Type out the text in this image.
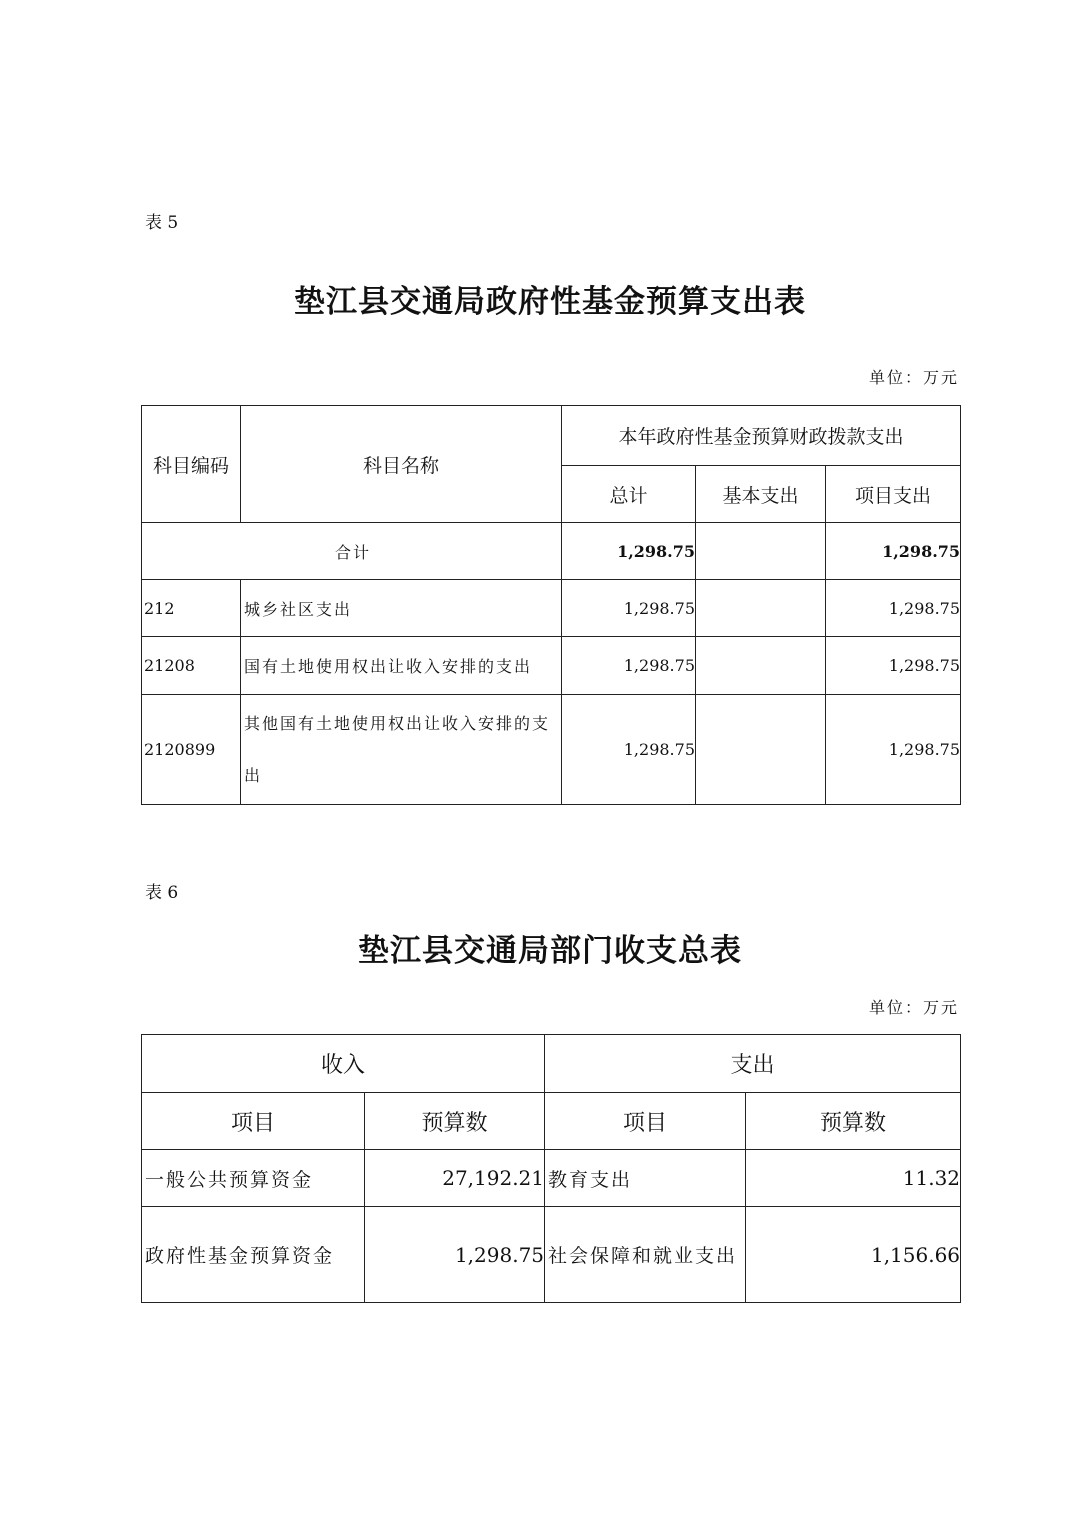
表 5
垫江县交通局政府性基金预算支出表
单位：万元
科目编码	科目名称	本年政府性基金预算财政拨款支出		
		总计	基本支出	项目支出
合计		1,298.75		1,298.75
212	城乡社区支出	1,298.75		1,298.75
21208	国有土地使用权出让收入安排的支出	1,298.75		1,298.75
2120899	其他国有土地使用权出让收入安排的支出	1,298.75		1,298.75
表 6
垫江县交通局部门收支总表
单位：万元
收入		支出	
项目	预算数	项目	预算数
一般公共预算资金	27,192.21	教育支出	11.32
政府性基金预算资金	1,298.75	社会保障和就业支出	1,156.66
